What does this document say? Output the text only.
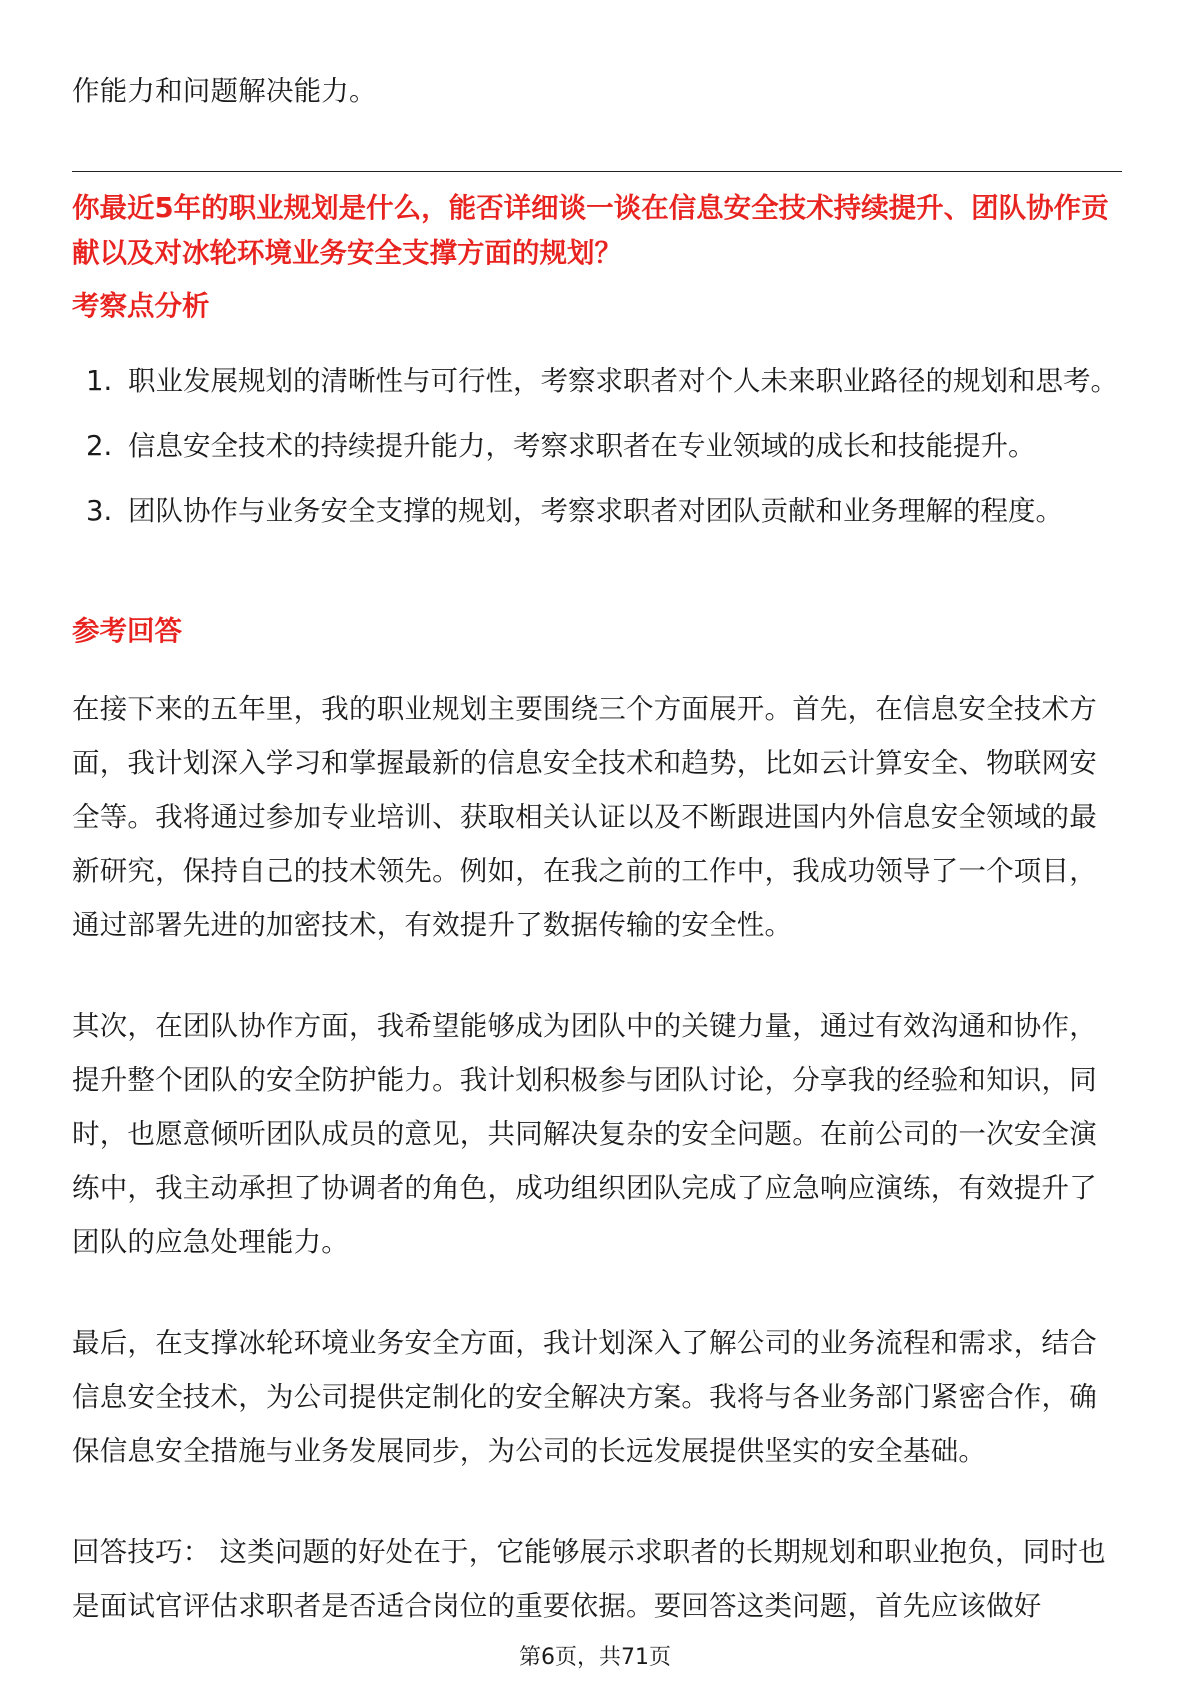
作能力和问题解决能力。

你最近5年的职业规划是什么，能否详细谈一谈在信息安全技术持续提升、团队协作贡献以及对冰轮环境业务安全支撑方面的规划？

考察点分析

1. 职业发展规划的清晰性与可行性，考察求职者对个人未来职业路径的规划和思考。
2. 信息安全技术的持续提升能力，考察求职者在专业领域的成长和技能提升。
3. 团队协作与业务安全支撑的规划，考察求职者对团队贡献和业务理解的程度。

参考回答

在接下来的五年里，我的职业规划主要围绕三个方面展开。首先，在信息安全技术方面，我计划深入学习和掌握最新的信息安全技术和趋势，比如云计算安全、物联网安全等。我将通过参加专业培训、获取相关认证以及不断跟进国内外信息安全领域的最新研究，保持自己的技术领先。例如，在我之前的工作中，我成功领导了一个项目，通过部署先进的加密技术，有效提升了数据传输的安全性。

其次，在团队协作方面，我希望能够成为团队中的关键力量，通过有效沟通和协作，提升整个团队的安全防护能力。我计划积极参与团队讨论，分享我的经验和知识，同时，也愿意倾听团队成员的意见，共同解决复杂的安全问题。在前公司的一次安全演练中，我主动承担了协调者的角色，成功组织团队完成了应急响应演练，有效提升了团队的应急处理能力。

最后，在支撑冰轮环境业务安全方面，我计划深入了解公司的业务流程和需求，结合信息安全技术，为公司提供定制化的安全解决方案。我将与各业务部门紧密合作，确保信息安全措施与业务发展同步，为公司的长远发展提供坚实的安全基础。

回答技巧： 这类问题的好处在于，它能够展示求职者的长期规划和职业抱负，同时也是面试官评估求职者是否适合岗位的重要依据。要回答这类问题，首先应该做好

第6页，共71页
